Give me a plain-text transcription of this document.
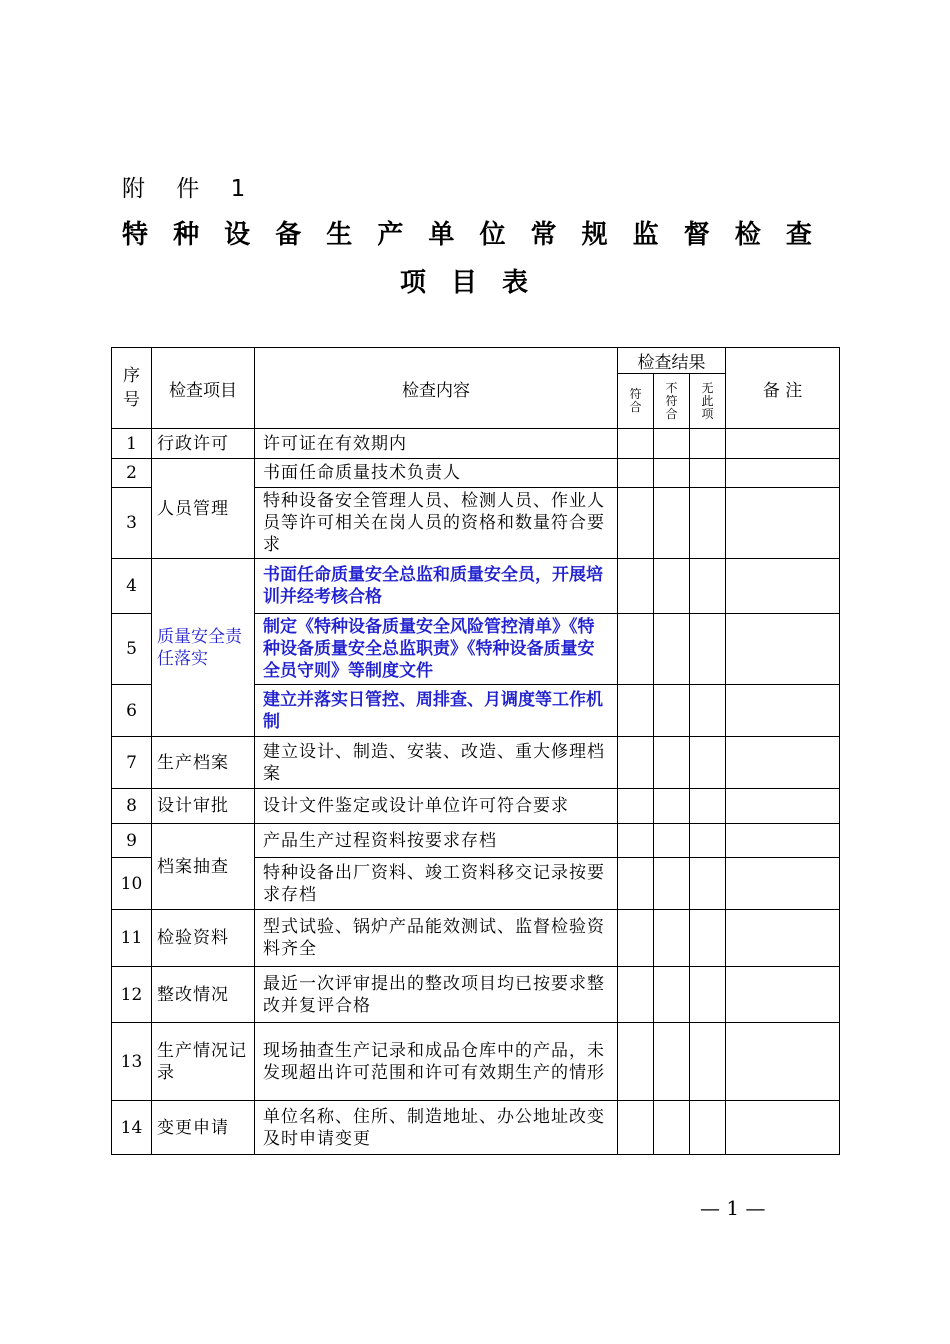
附 件 1
特 种 设 备 生 产 单 位 常 规 监 督 检 查
项 目 表
序号	检查项目	检查内容	检查结果			备 注
			符合	不符合	无此项	
1	行政许可	许可证在有效期内				
2	人员管理	书面任命质量技术负责人				
3		特种设备安全管理人员、检测人员、作业人员等许可相关在岗人员的资格和数量符合要求				
4	质量安全责任落实	书面任命质量安全总监和质量安全员，开展培训并经考核合格				
5		制定《特种设备质量安全风险管控清单》《特种设备质量安全总监职责》《特种设备质量安全员守则》等制度文件				
6		建立并落实日管控、周排查、月调度等工作机制				
7	生产档案	建立设计、制造、安装、改造、重大修理档案				
8	设计审批	设计文件鉴定或设计单位许可符合要求				
9	档案抽查	产品生产过程资料按要求存档				
10		特种设备出厂资料、竣工资料移交记录按要求存档				
11	检验资料	型式试验、锅炉产品能效测试、监督检验资料齐全				
12	整改情况	最近一次评审提出的整改项目均已按要求整改并复评合格				
13	生产情况记录	现场抽查生产记录和成品仓库中的产品，未发现超出许可范围和许可有效期生产的情形				
14	变更申请	单位名称、住所、制造地址、办公地址改变及时申请变更				
— 1 —
